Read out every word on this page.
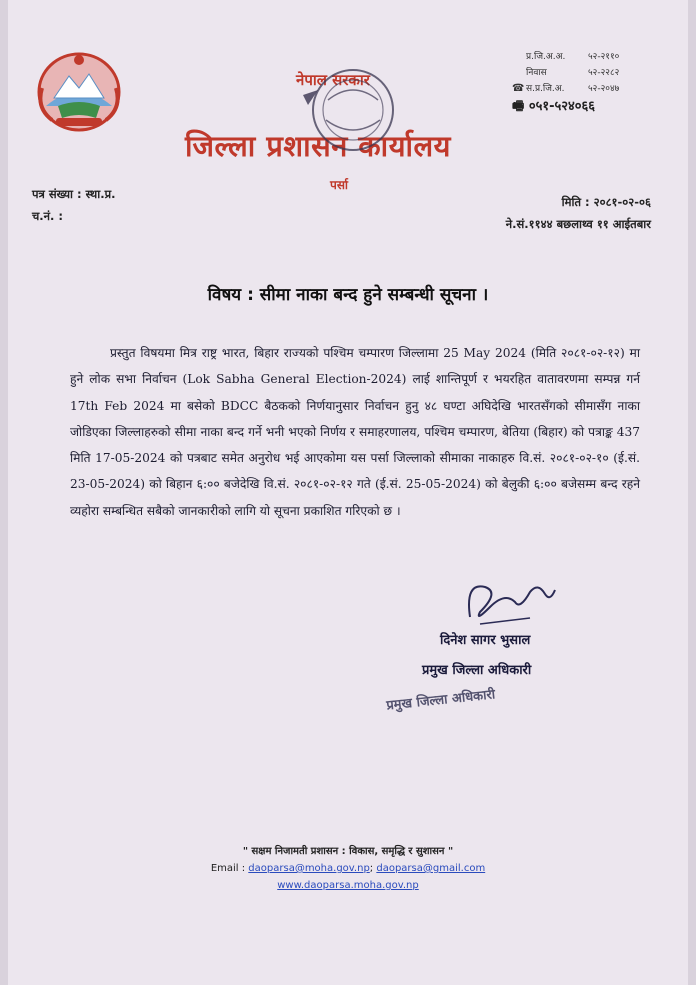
नेपाल सरकार
जिल्ला प्रशासन कार्यालय
पर्सा
प्र.जि.अ.अ.	५२-२११०
निवास	५२-२२८२
☎ स.प्र.जि.अ.	५२-२०४७
🖷 ०५१-५२४०६६
पत्र संख्या : स्था.प्र.
च.नं. :
मिति : २०८१-०२-०६
ने.सं.११४४ बछलाथ्व ११ आईतबार
विषय : सीमा नाका बन्द हुने सम्बन्धी सूचना ।

प्रस्तुत विषयमा मित्र राष्ट्र भारत, बिहार राज्यको पश्चिम चम्पारण जिल्लामा 25 May 2024 (मिति २०८१-०२-१२) मा हुने लोक सभा निर्वाचन (Lok Sabha General Election-2024) लाई शान्तिपूर्ण र भयरहित वातावरणमा सम्पन्न गर्न 17th Feb 2024 मा बसेको BDCC बैठकको निर्णयानुसार निर्वाचन हुनु ४८ घण्टा अघिदेखि भारतसँगको सीमासँग नाका जोडिएका जिल्लाहरुको सीमा नाका बन्द गर्ने भनी भएको निर्णय र समाहरणालय, पश्चिम चम्पारण, बेतिया (बिहार) को पत्राङ्क 437 मिति 17-05-2024 को पत्रबाट समेत अनुरोध भई आएकोमा यस पर्सा जिल्लाको सीमाका नाकाहरु वि.सं. २०८१-०२-१० (ई.सं. 23-05-2024) को बिहान ६:०० बजेदेखि वि.सं. २०८१-०२-१२ गते (ई.सं. 25-05-2024) को बेलुकी ६:०० बजेसम्म बन्द रहने व्यहोरा सम्बन्धित सबैको जानकारीको लागि यो सूचना प्रकाशित गरिएको छ ।

दिनेश सागर भुसाल
प्रमुख जिल्ला अधिकारी
प्रमुख जिल्ला अधिकारी
" सक्षम निजामती प्रशासन : विकास, समृद्धि र सुशासन "
Email : daoparsa@moha.gov.np; daoparsa@gmail.com
www.daoparsa.moha.gov.np
